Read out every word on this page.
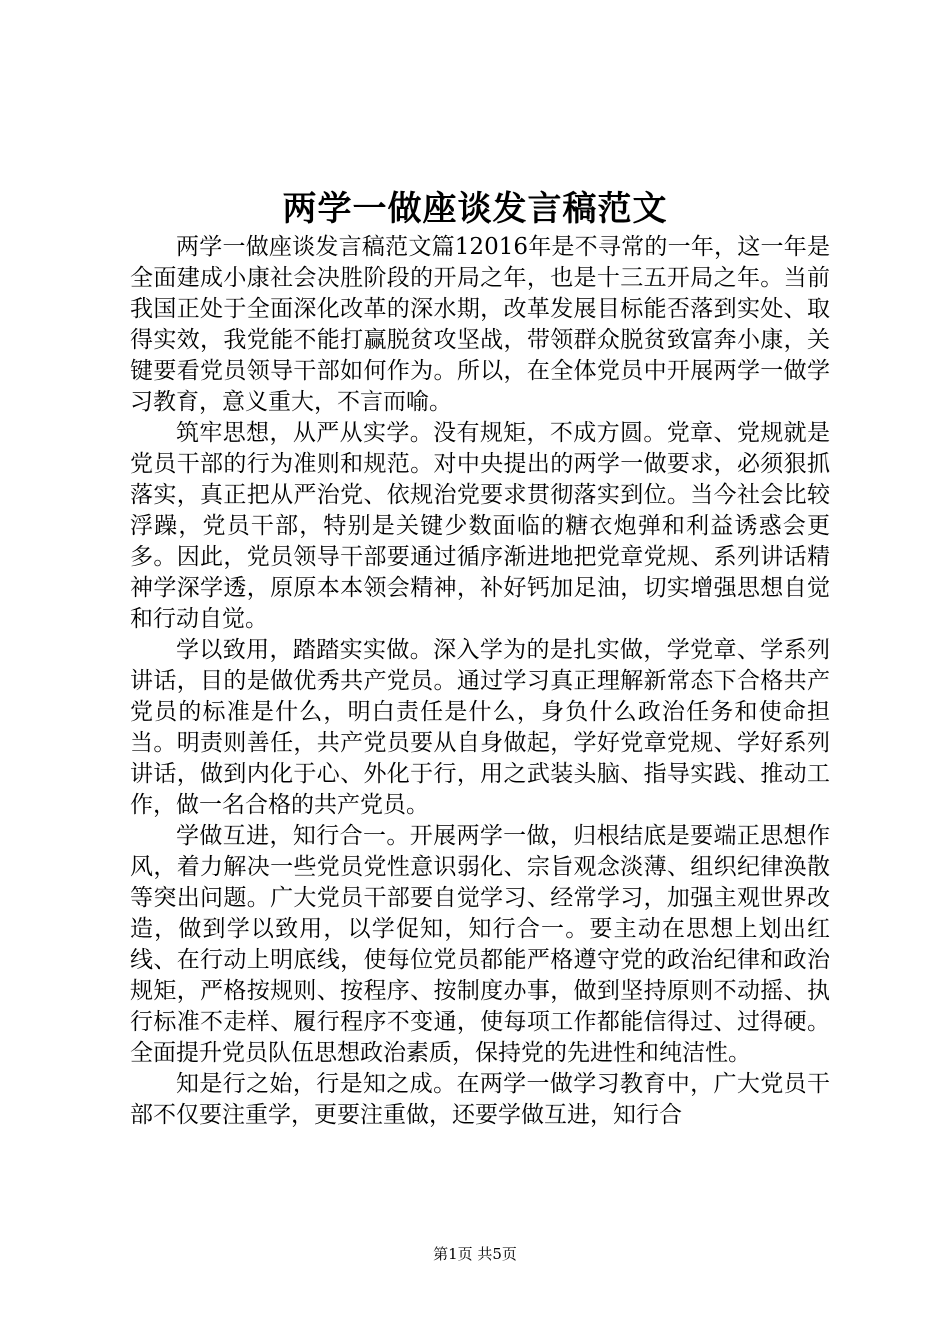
两学一做座谈发言稿范文

两学一做座谈发言稿范文篇12016年是不寻常的一年，这一年是全面建成小康社会决胜阶段的开局之年，也是十三五开局之年。当前我国正处于全面深化改革的深水期，改革发展目标能否落到实处、取得实效，我党能不能打赢脱贫攻坚战，带领群众脱贫致富奔小康，关键要看党员领导干部如何作为。所以，在全体党员中开展两学一做学习教育，意义重大，不言而喻。

筑牢思想，从严从实学。没有规矩，不成方圆。党章、党规就是党员干部的行为准则和规范。对中央提出的两学一做要求，必须狠抓落实，真正把从严治党、依规治党要求贯彻落实到位。当今社会比较浮躁，党员干部，特别是关键少数面临的糖衣炮弹和利益诱惑会更多。因此，党员领导干部要通过循序渐进地把党章党规、系列讲话精神学深学透，原原本本领会精神，补好钙加足油，切实增强思想自觉和行动自觉。

学以致用，踏踏实实做。深入学为的是扎实做，学党章、学系列讲话，目的是做优秀共产党员。通过学习真正理解新常态下合格共产党员的标准是什么，明白责任是什么，身负什么政治任务和使命担当。明责则善任，共产党员要从自身做起，学好党章党规、学好系列讲话，做到内化于心、外化于行，用之武装头脑、指导实践、推动工作，做一名合格的共产党员。

学做互进，知行合一。开展两学一做，归根结底是要端正思想作风，着力解决一些党员党性意识弱化、宗旨观念淡薄、组织纪律涣散等突出问题。广大党员干部要自觉学习、经常学习，加强主观世界改造，做到学以致用，以学促知，知行合一。要主动在思想上划出红线、在行动上明底线，使每位党员都能严格遵守党的政治纪律和政治规矩，严格按规则、按程序、按制度办事，做到坚持原则不动摇、执行标准不走样、履行程序不变通，使每项工作都能信得过、过得硬。全面提升党员队伍思想政治素质，保持党的先进性和纯洁性。

知是行之始，行是知之成。在两学一做学习教育中，广大党员干部不仅要注重学，更要注重做，还要学做互进，知行合

第1页 共5页
